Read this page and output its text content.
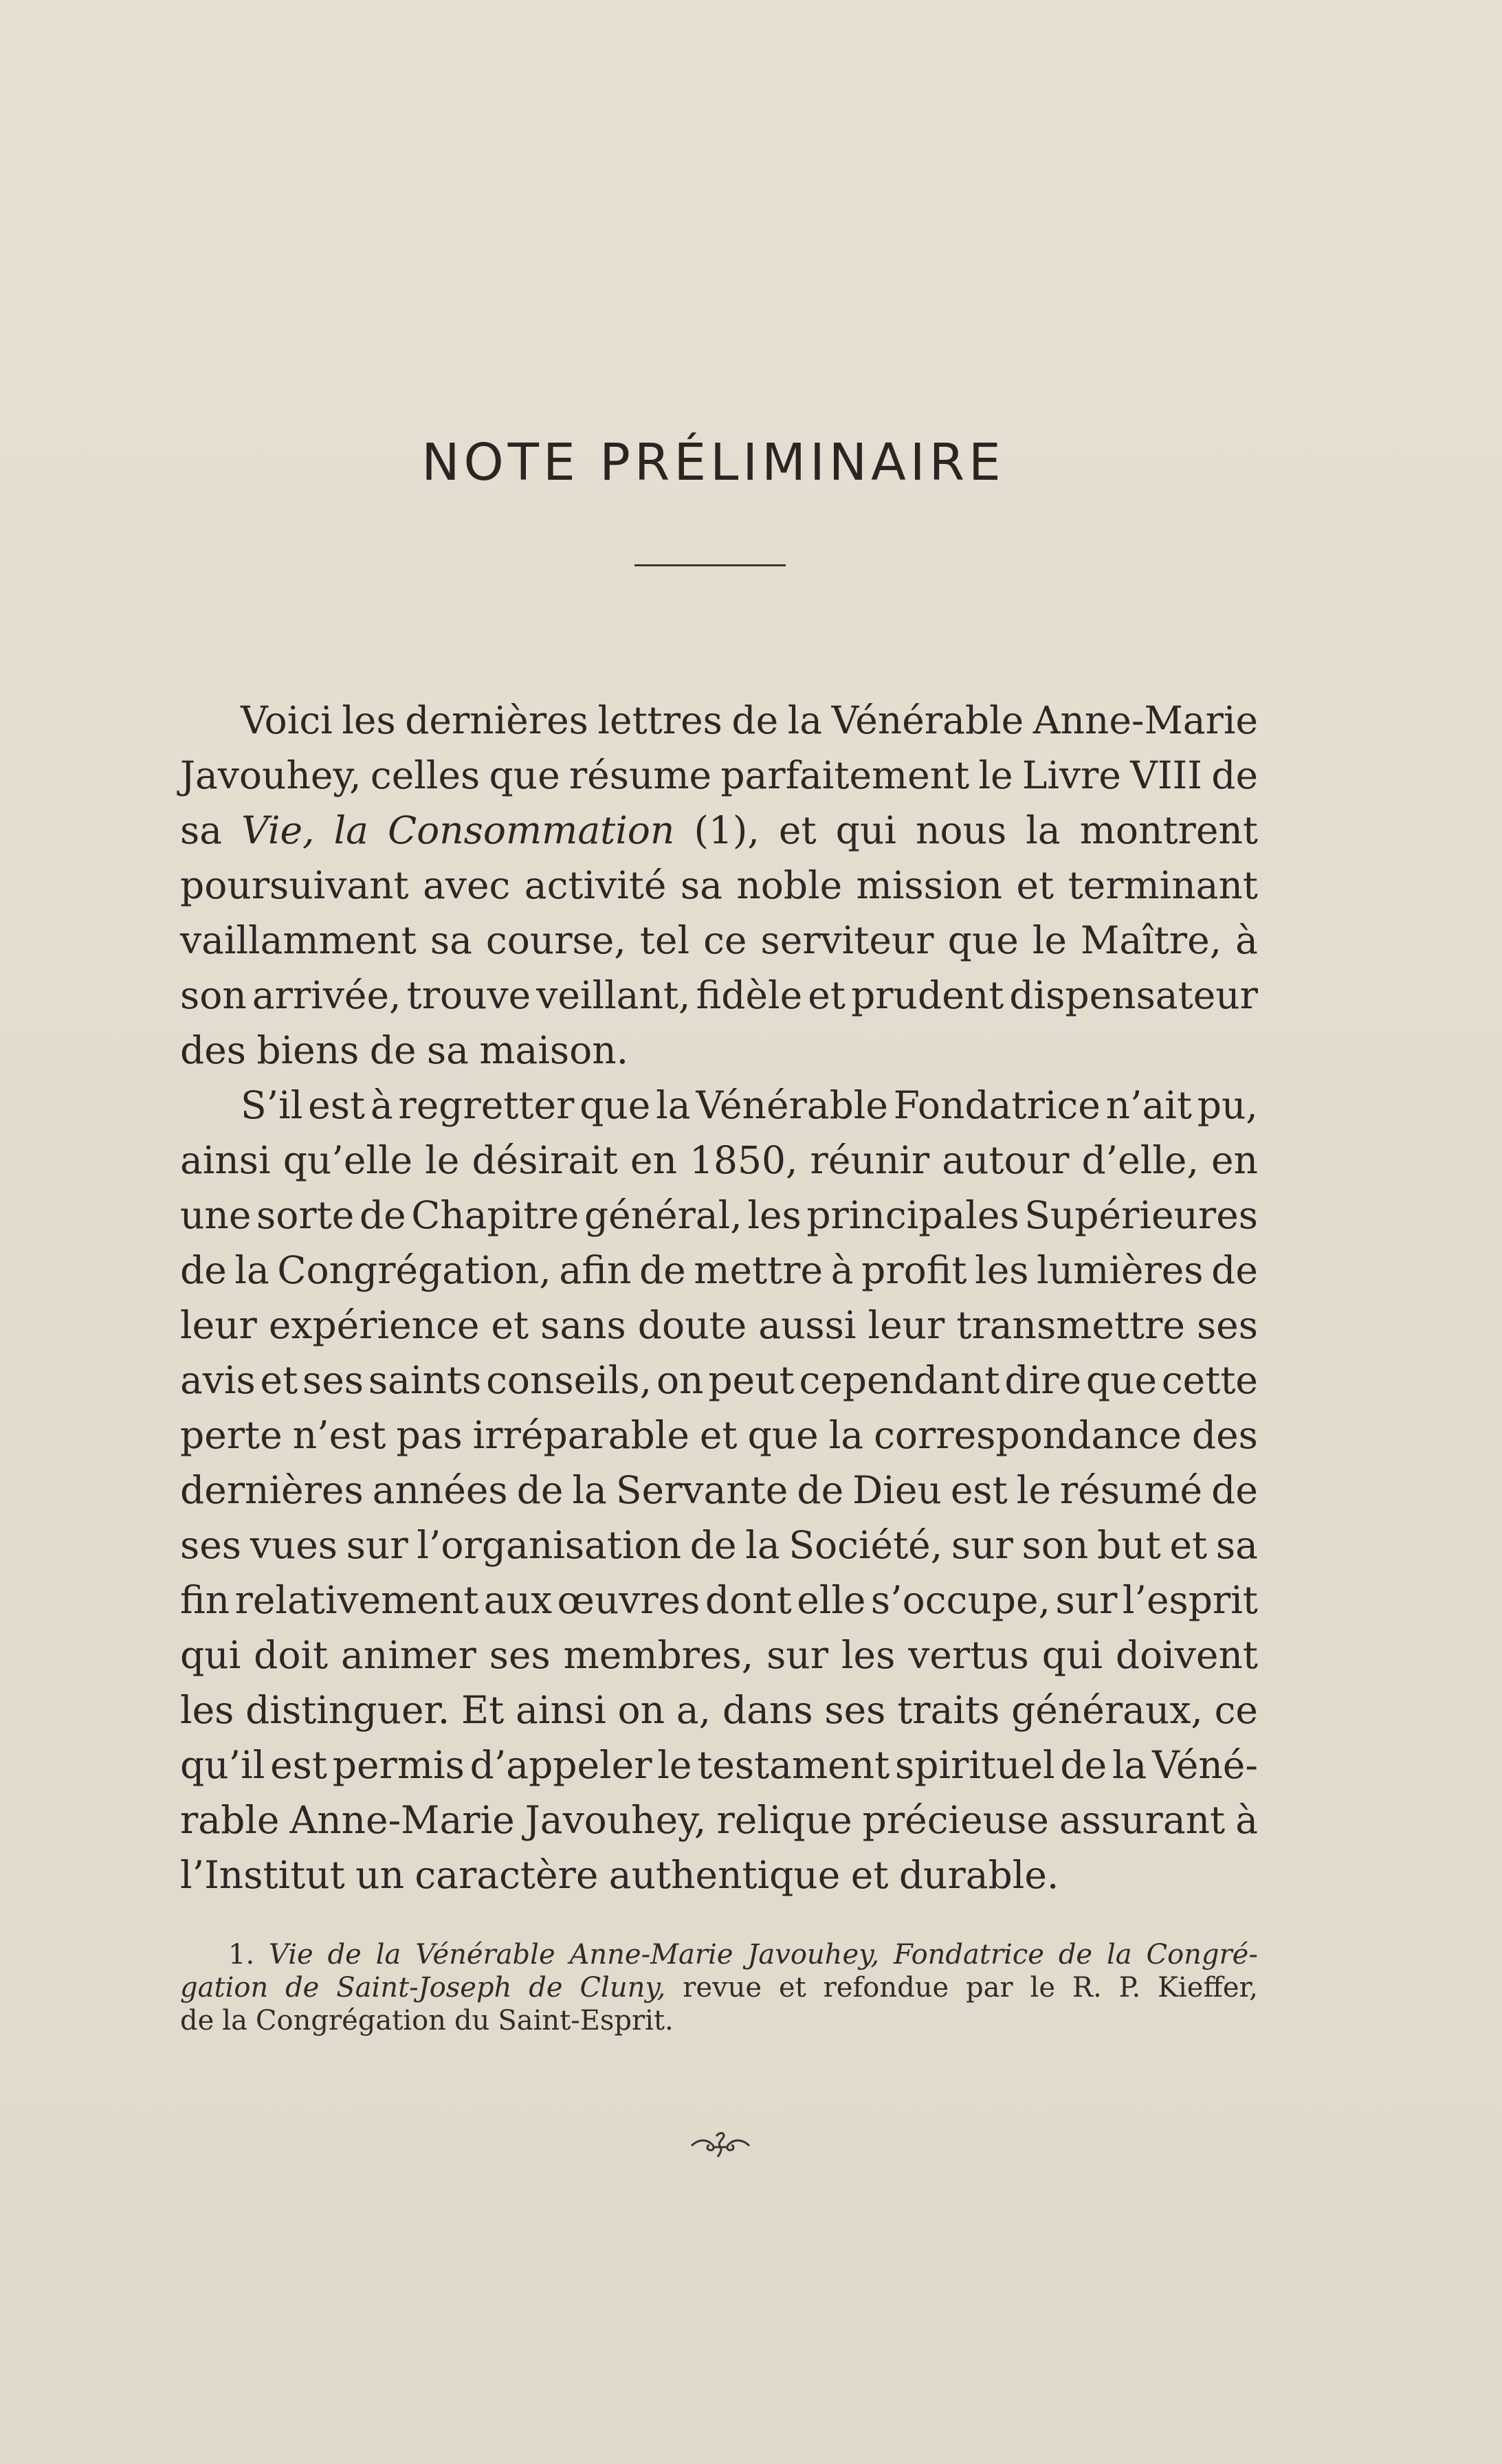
NOTE PRÉLIMINAIRE
Voici les dernières lettres de la Vénérable Anne-Marie
Javouhey, celles que résume parfaitement le Livre VIII de
sa Vie, la Consommation (1), et qui nous la montrent
poursuivant avec activité sa noble mission et terminant
vaillamment sa course, tel ce serviteur que le Maître, à
son arrivée, trouve veillant, fidèle et prudent dispensateur
des biens de sa maison.
S’il est à regretter que la Vénérable Fondatrice n’ait pu,
ainsi qu’elle le désirait en 1850, réunir autour d’elle, en
une sorte de Chapitre général, les principales Supérieures
de la Congrégation, afin de mettre à profit les lumières de
leur expérience et sans doute aussi leur transmettre ses
avis et ses saints conseils, on peut cependant dire que cette
perte n’est pas irréparable et que la correspondance des
dernières années de la Servante de Dieu est le résumé de
ses vues sur l’organisation de la Société, sur son but et sa
fin relativement aux œuvres dont elle s’occupe, sur l’esprit
qui doit animer ses membres, sur les vertus qui doivent
les distinguer. Et ainsi on a, dans ses traits généraux, ce
qu’il est permis d’appeler le testament spirituel de la Véné-
rable Anne-Marie Javouhey, relique précieuse assurant à
l’Institut un caractère authentique et durable.
1. Vie de la Vénérable Anne-Marie Javouhey, Fondatrice de la Congré-
gation de Saint-Joseph de Cluny, revue et refondue par le R. P. Kieffer,
de la Congrégation du Saint-Esprit.
